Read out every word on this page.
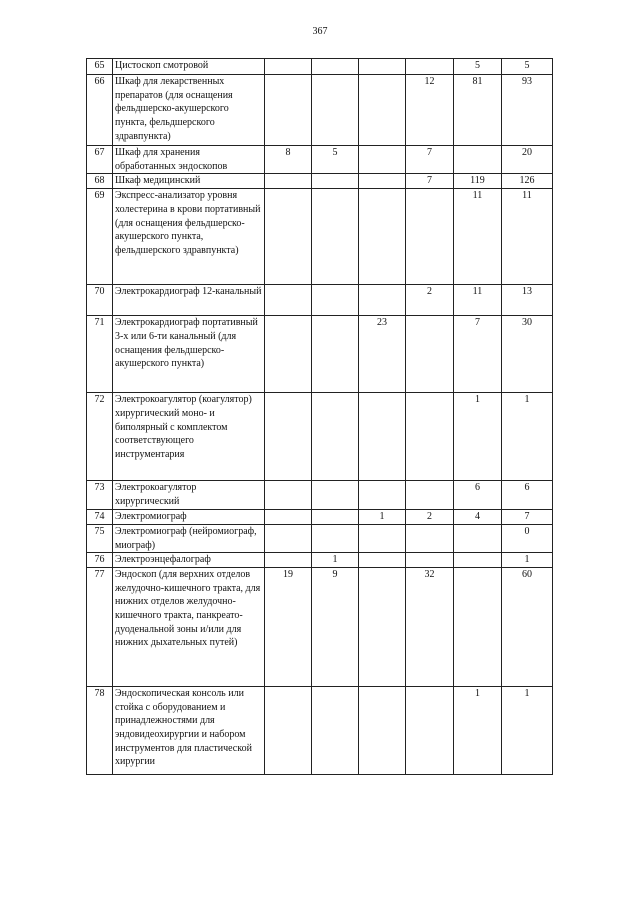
367
65	Цистоскоп смотровой					5	5
66	Шкаф для лекарственных препаратов (для оснащения фельдшерско-акушерского пункта, фельдшерского здравпункта)				12	81	93
67	Шкаф для хранения обработанных эндоскопов	8	5		7		20
68	Шкаф медицинский				7	119	126
69	Экспресс-анализатор уровня холестерина в крови портативный (для оснащения фельдшерско-акушерского пункта, фельдшерского здравпункта)					11	11
70	Электрокардиограф 12-канальный				2	11	13
71	Электрокардиограф портативный 3-х или 6-ти канальный (для оснащения фельдшерско-акушерского пункта)			23		7	30
72	Электрокоагулятор (коагулятор) хирургический моно- и биполярный с комплектом соответствующего инструментария					1	1
73	Электрокоагулятор хирургический					6	6
74	Электромиограф			1	2	4	7
75	Электромиограф (нейромиограф, миограф)						0
76	Электроэнцефалограф		1				1
77	Эндоскоп (для верхних отделов желудочно-кишечного тракта, для нижних отделов желудочно-кишечного тракта, панкреато-дуоденальной зоны и/или для нижних дыхательных путей)	19	9		32		60
78	Эндоскопическая консоль или стойка с оборудованием и принадлежностями для эндовидеохирургии и набором инструментов для пластической хирургии					1	1
